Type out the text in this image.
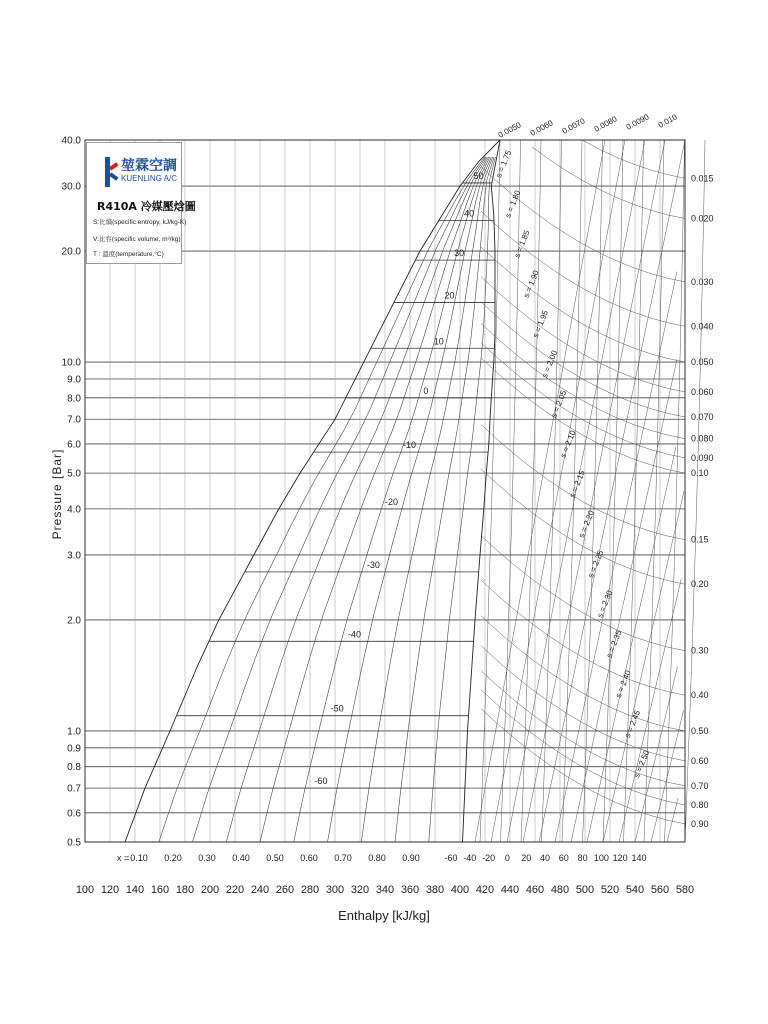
-60
-50
-40
-30
-20
-10
0
10
20
30
40
50 s = 1.75
s = 1.80
s = 1.85
s = 1.90
s = 1.95
s = 2.00
s = 2.05
s = 2.10
s = 2.15
s = 2.20
s = 2.25
s = 2.30
s = 2.35
s = 2.40
s = 2.45
s = 2.50
0.015
0.020
0.030
0.040
0.050
0.060
0.070
0.080
0.090
0.10
0.15
0.20
0.30
0.40
0.50
0.60
0.70
0.80
0.90
0.0050 0.0060 0.0070 0.0080 0.0090 0.010
0.5
0.6
0.7
0.8
0.9
1.0
2.0
3.0
4.0
5.0
6.0
7.0
8.0
9.0
10.0
20.0
30.0
40.0
100 120 140 160 180 200 220 240 260 280 300 320 340 360 380 400 420 440 460 480 500 520 540 560 580
x = 0.10 0.20 0.30 0.40 0.50 0.60 0.70 0.80 0.90	-60 -40 -20 0 20 40 60 80 100 120 140
Enthalpy [kJ/kg]
Pressure [Bar]
堃霖空調
KUENLING A/C
R410A 冷媒壓焓圖
S:比熵(specific entropy, kJ/kg-K)
V:比容(specific volume, m³/kg)
T : 溫度(temperature,°C)
